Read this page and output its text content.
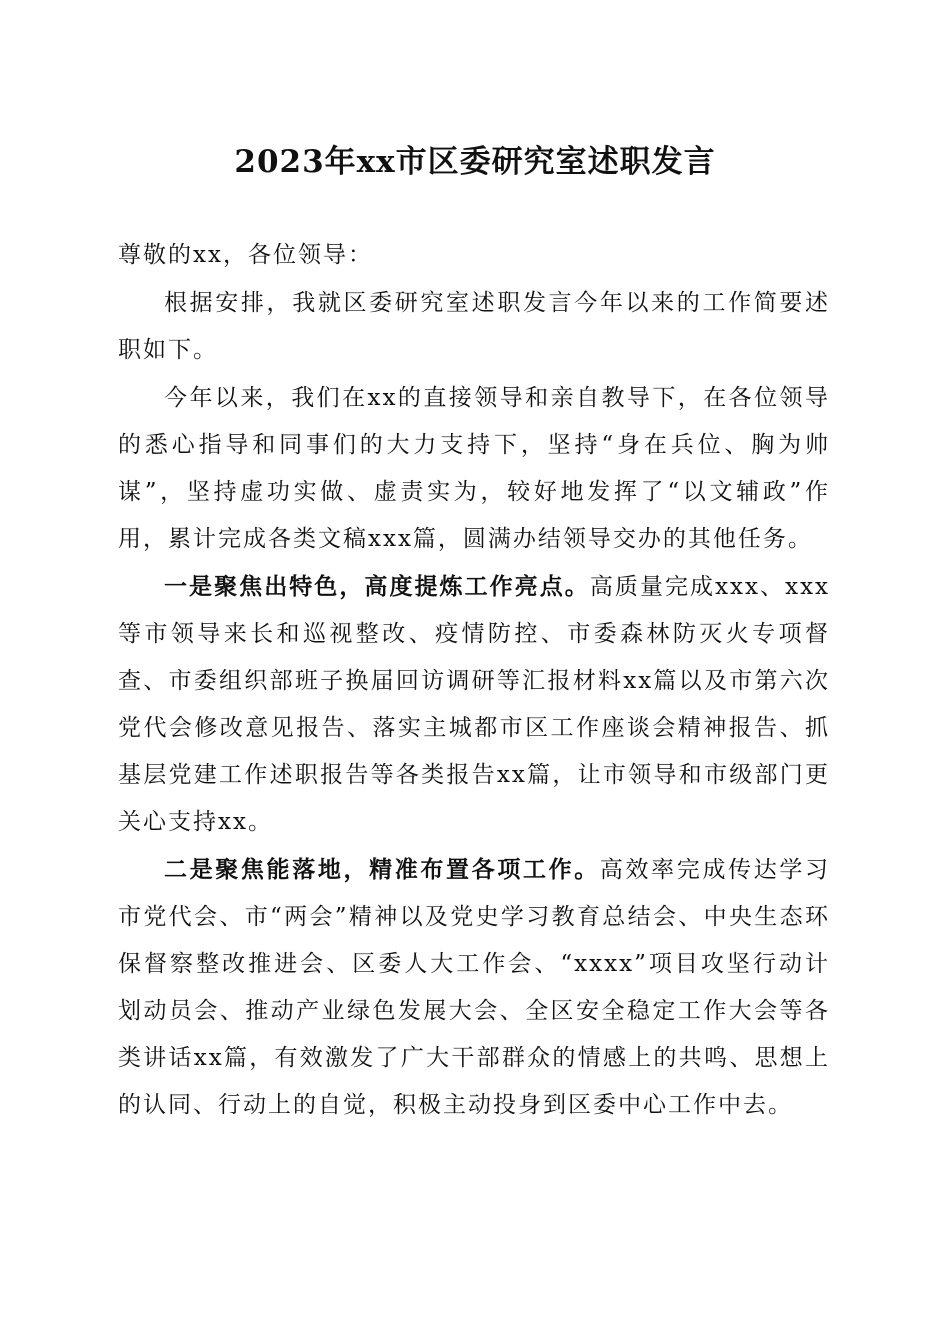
2023年xx市区委研究室述职发言

尊敬的xx，各位领导：

根据安排，我就区委研究室述职发言今年以来的工作简要述职如下。

今年以来，我们在xx的直接领导和亲自教导下，在各位领导的悉心指导和同事们的大力支持下，坚持“身在兵位、胸为帅谋”，坚持虚功实做、虚责实为，较好地发挥了“以文辅政”作用，累计完成各类文稿xxx篇，圆满办结领导交办的其他任务。

一是聚焦出特色，高度提炼工作亮点。高质量完成xxx、xxx等市领导来长和巡视整改、疫情防控、市委森林防灭火专项督查、市委组织部班子换届回访调研等汇报材料xx篇以及市第六次党代会修改意见报告、落实主城都市区工作座谈会精神报告、抓基层党建工作述职报告等各类报告xx篇，让市领导和市级部门更关心支持xx。

二是聚焦能落地，精准布置各项工作。高效率完成传达学习市党代会、市“两会”精神以及党史学习教育总结会、中央生态环保督察整改推进会、区委人大工作会、“xxxx”项目攻坚行动计划动员会、推动产业绿色发展大会、全区安全稳定工作大会等各类讲话xx篇，有效激发了广大干部群众的情感上的共鸣、思想上的认同、行动上的自觉，积极主动投身到区委中心工作中去。
